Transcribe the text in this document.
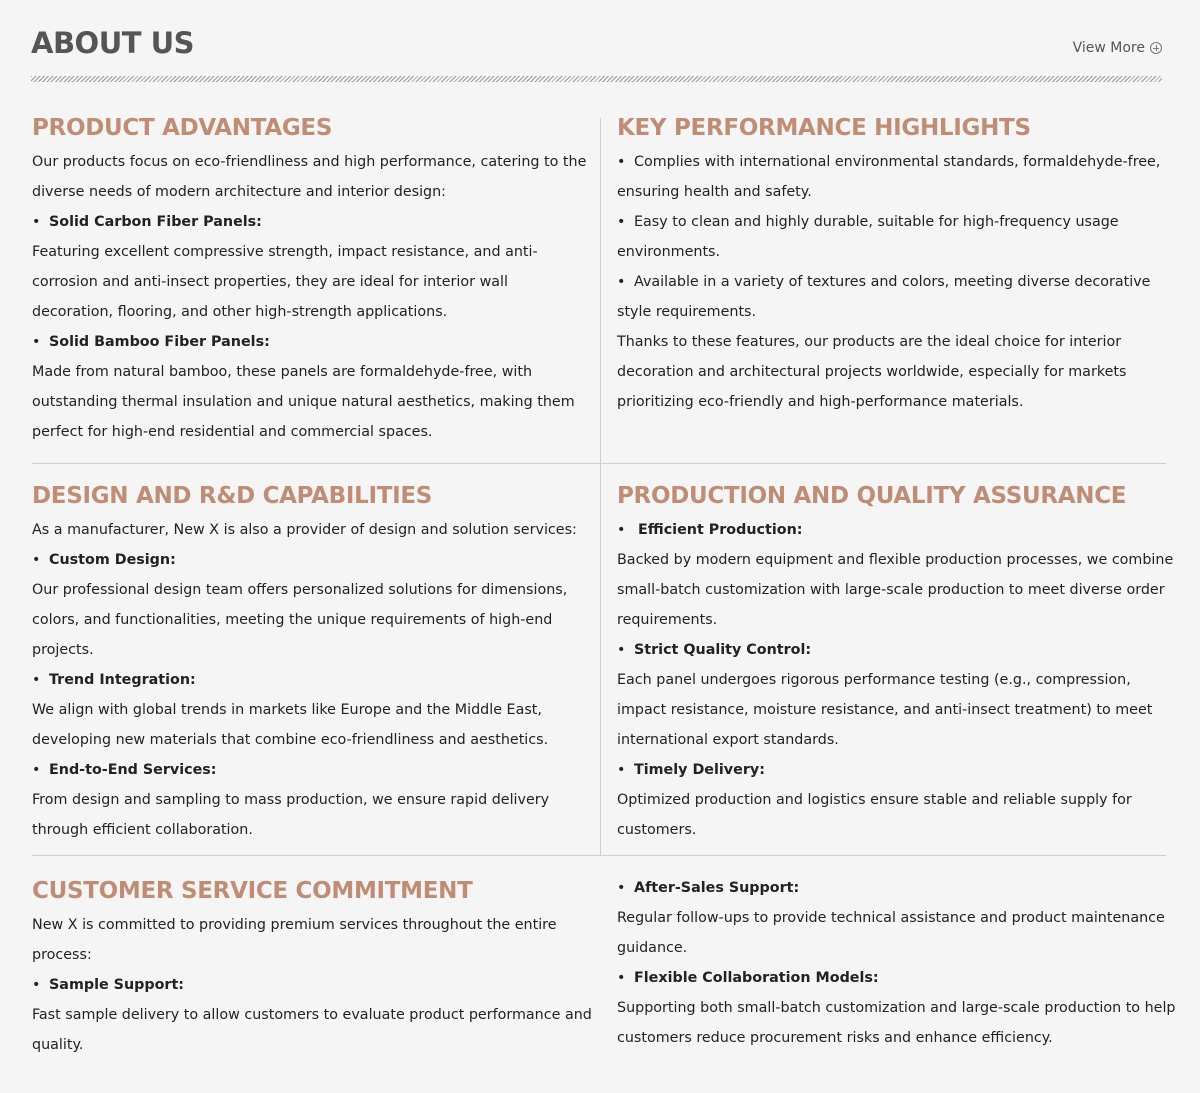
ABOUT US	View More
PRODUCT ADVANTAGES

Our products focus on eco-friendliness and high performance, catering to the diverse needs of modern architecture and interior design:

• Solid Carbon Fiber Panels:

Featuring excellent compressive strength, impact resistance, and anti-corrosion and anti-insect properties, they are ideal for interior wall decoration, flooring, and other high-strength applications.

• Solid Bamboo Fiber Panels:

Made from natural bamboo, these panels are formaldehyde-free, with outstanding thermal insulation and unique natural aesthetics, making them perfect for high-end residential and commercial spaces.

KEY PERFORMANCE HIGHLIGHTS

• Complies with international environmental standards, formaldehyde-free, ensuring health and safety.

• Easy to clean and highly durable, suitable for high-frequency usage environments.

• Available in a variety of textures and colors, meeting diverse decorative style requirements.

Thanks to these features, our products are the ideal choice for interior decoration and architectural projects worldwide, especially for markets prioritizing eco-friendly and high-performance materials.

DESIGN AND R&D CAPABILITIES

As a manufacturer, New X is also a provider of design and solution services:

• Custom Design:

Our professional design team offers personalized solutions for dimensions, colors, and functionalities, meeting the unique requirements of high-end projects.

• Trend Integration:

We align with global trends in markets like Europe and the Middle East, developing new materials that combine eco-friendliness and aesthetics.

• End-to-End Services:

From design and sampling to mass production, we ensure rapid delivery through efficient collaboration.

PRODUCTION AND QUALITY ASSURANCE

• Efficient Production:

Backed by modern equipment and flexible production processes, we combine small-batch customization with large-scale production to meet diverse order requirements.

• Strict Quality Control:

Each panel undergoes rigorous performance testing (e.g., compression, impact resistance, moisture resistance, and anti-insect treatment) to meet international export standards.

• Timely Delivery:

Optimized production and logistics ensure stable and reliable supply for customers.

CUSTOMER SERVICE COMMITMENT

New X is committed to providing premium services throughout the entire process:

• Sample Support:

Fast sample delivery to allow customers to evaluate product performance and quality.

• After-Sales Support:

Regular follow-ups to provide technical assistance and product maintenance guidance.

• Flexible Collaboration Models:

Supporting both small-batch customization and large-scale production to help customers reduce procurement risks and enhance efficiency.
